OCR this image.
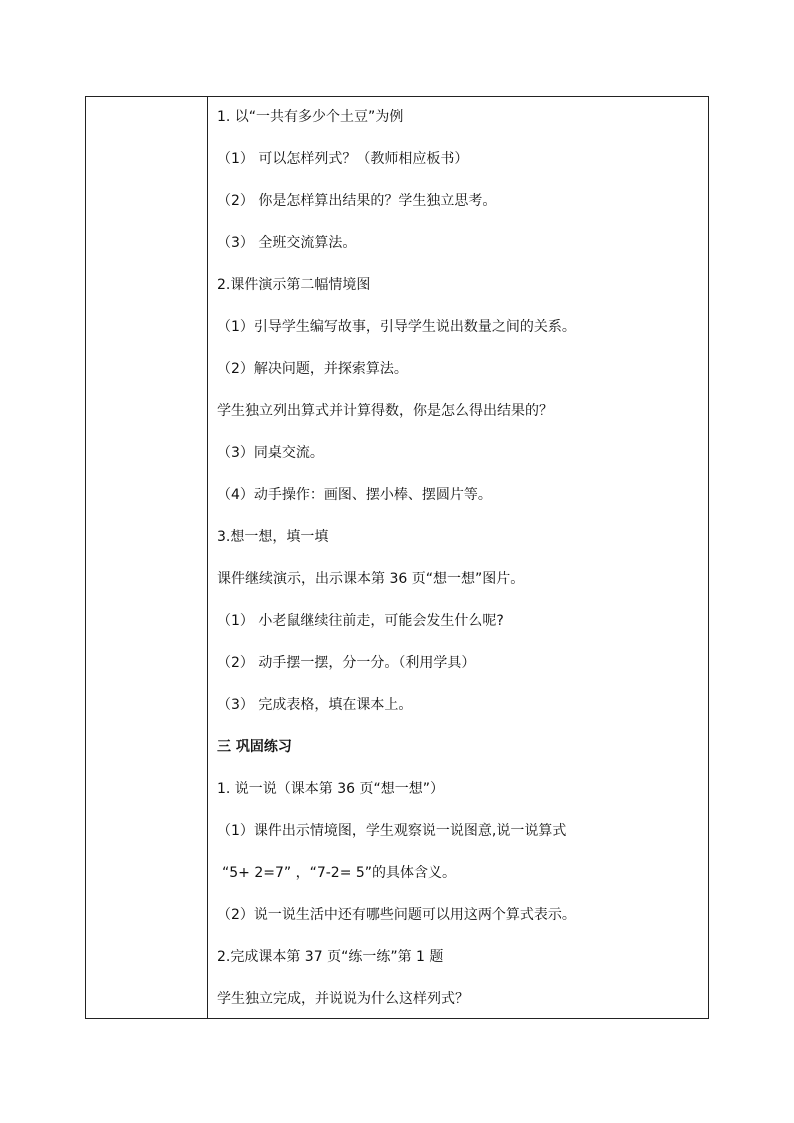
1. 以“一共有多少个土豆”为例
（1） 可以怎样列式？（教师相应板书）
（2） 你是怎样算出结果的？学生独立思考。
（3） 全班交流算法。
2.课件演示第二幅情境图
（1）引导学生编写故事，引导学生说出数量之间的关系。
（2）解决问题，并探索算法。
学生独立列出算式并计算得数，你是怎么得出结果的？
（3）同桌交流。
（4）动手操作：画图、摆小棒、摆圆片等。
3.想一想，填一填
课件继续演示，出示课本第 36 页“想一想”图片。
（1） 小老鼠继续往前走，可能会发生什么呢?
（2） 动手摆一摆，分一分。（利用学具）
（3） 完成表格，填在课本上。
三 巩固练习
1. 说一说（课本第 36 页“想一想”）
（1）课件出示情境图，学生观察说一说图意,说一说算式
“5+ 2=7” ，“7-2= 5”的具体含义。
（2）说一说生活中还有哪些问题可以用这两个算式表示。
2.完成课本第 37 页“练一练”第 1 题
学生独立完成，并说说为什么这样列式？
